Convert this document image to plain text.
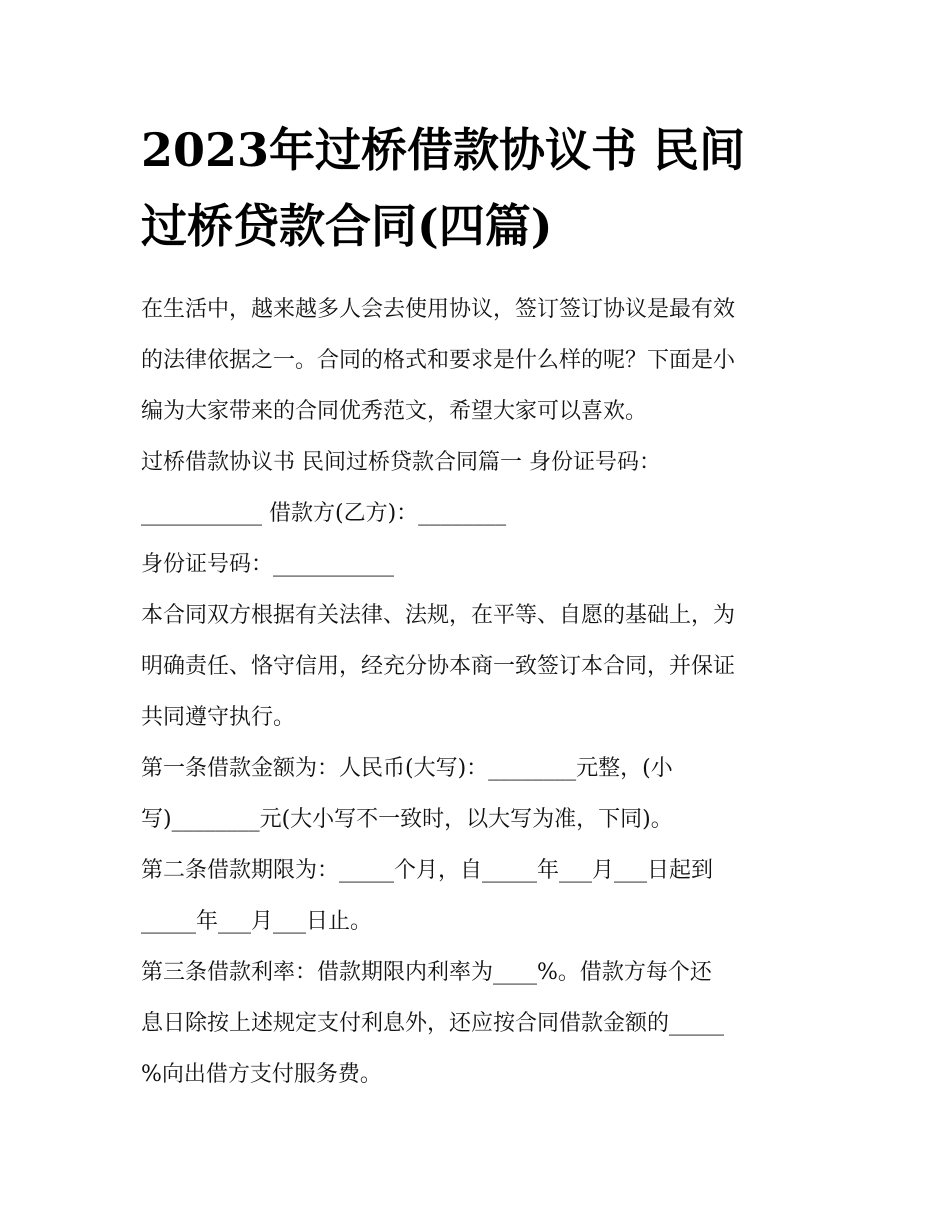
2023年过桥借款协议书 民间
过桥贷款合同(四篇)

在生活中，越来越多人会去使用协议，签订签订协议是最有效

的法律依据之一。合同的格式和要求是什么样的呢？下面是小

编为大家带来的合同优秀范文，希望大家可以喜欢。

过桥借款协议书 民间过桥贷款合同篇一 身份证号码：

___________ 借款方(乙方)：________

身份证号码：___________

本合同双方根据有关法律、法规，在平等、自愿的基础上，为

明确责任、恪守信用，经充分协本商一致签订本合同，并保证

共同遵守执行。

第一条借款金额为：人民币(大写)：________元整，(小

写)________元(大小写不一致时，以大写为准，下同)。

第二条借款期限为：_____个月，自_____年___月___日起到

_____年___月___日止。

第三条借款利率：借款期限内利率为____%。借款方每个还

息日除按上述规定支付利息外，还应按合同借款金额的_____

%向出借方支付服务费。
